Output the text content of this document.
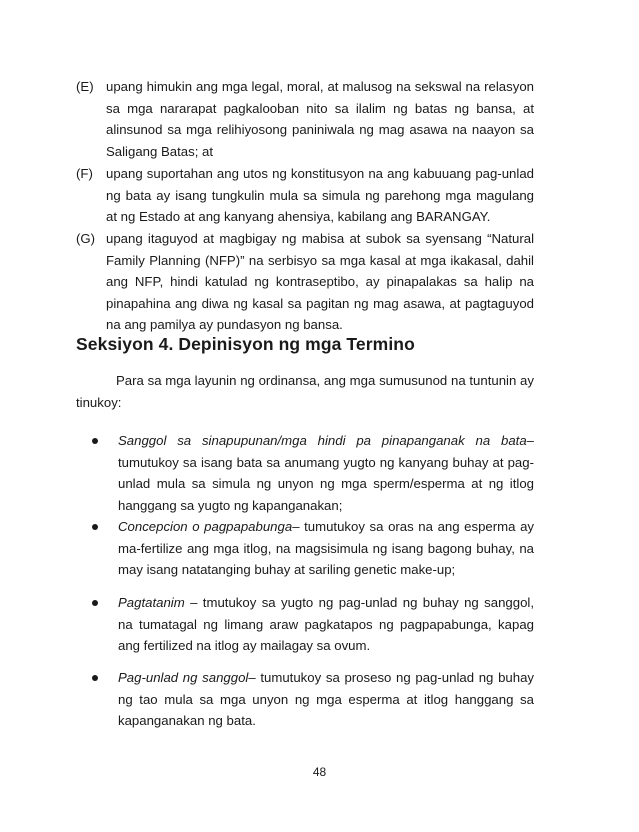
(E) upang himukin ang mga legal, moral, at malusog na sekswal na relasyon sa mga nararapat pagkalooban nito sa ilalim ng batas ng bansa, at alinsunod sa mga relihiyosong paniniwala ng mag asawa na naayon sa Saligang Batas; at
(F) upang suportahan ang utos ng konstitusyon na ang kabuuang pag-unlad ng bata ay isang tungkulin mula sa simula ng parehong mga magulang at ng Estado at ang kanyang ahensiya, kabilang ang BARANGAY.
(G) upang itaguyod at magbigay ng mabisa at subok sa syensang “Natural Family Planning (NFP)” na serbisyo sa mga kasal at mga ikakasal, dahil ang NFP, hindi katulad ng kontraseptibo, ay pinapalakas sa halip na pinapahina ang diwa ng kasal sa pagitan ng mag asawa, at pagtaguyod na ang pamilya ay pundasyon ng bansa.
Seksiyon 4. Depinisyon ng mga Termino

Para sa mga layunin ng ordinansa, ang mga sumusunod na tuntunin ay tinukoy:

Sanggol sa sinapupunan/mga hindi pa pinapanganak na bata– tumutukoy sa isang bata sa anumang yugto ng kanyang buhay at pag-unlad mula sa simula ng unyon ng mga sperm/esperma at ng itlog hanggang sa yugto ng kapanganakan;
Concepcion o pagpapabunga– tumutukoy sa oras na ang esperma ay ma-fertilize ang mga itlog, na magsisimula ng isang bagong buhay, na may isang natatanging buhay at sariling genetic make-up;
Pagtatanim – tmutukoy sa yugto ng pag-unlad ng buhay ng sanggol, na tumatagal ng limang araw pagkatapos ng pagpapabunga, kapag ang fertilized na itlog ay mailagay sa ovum.
Pag-unlad ng sanggol– tumutukoy sa proseso ng pag-unlad ng buhay ng tao mula sa mga unyon ng mga esperma at itlog hanggang sa kapanganakan ng bata.
48
